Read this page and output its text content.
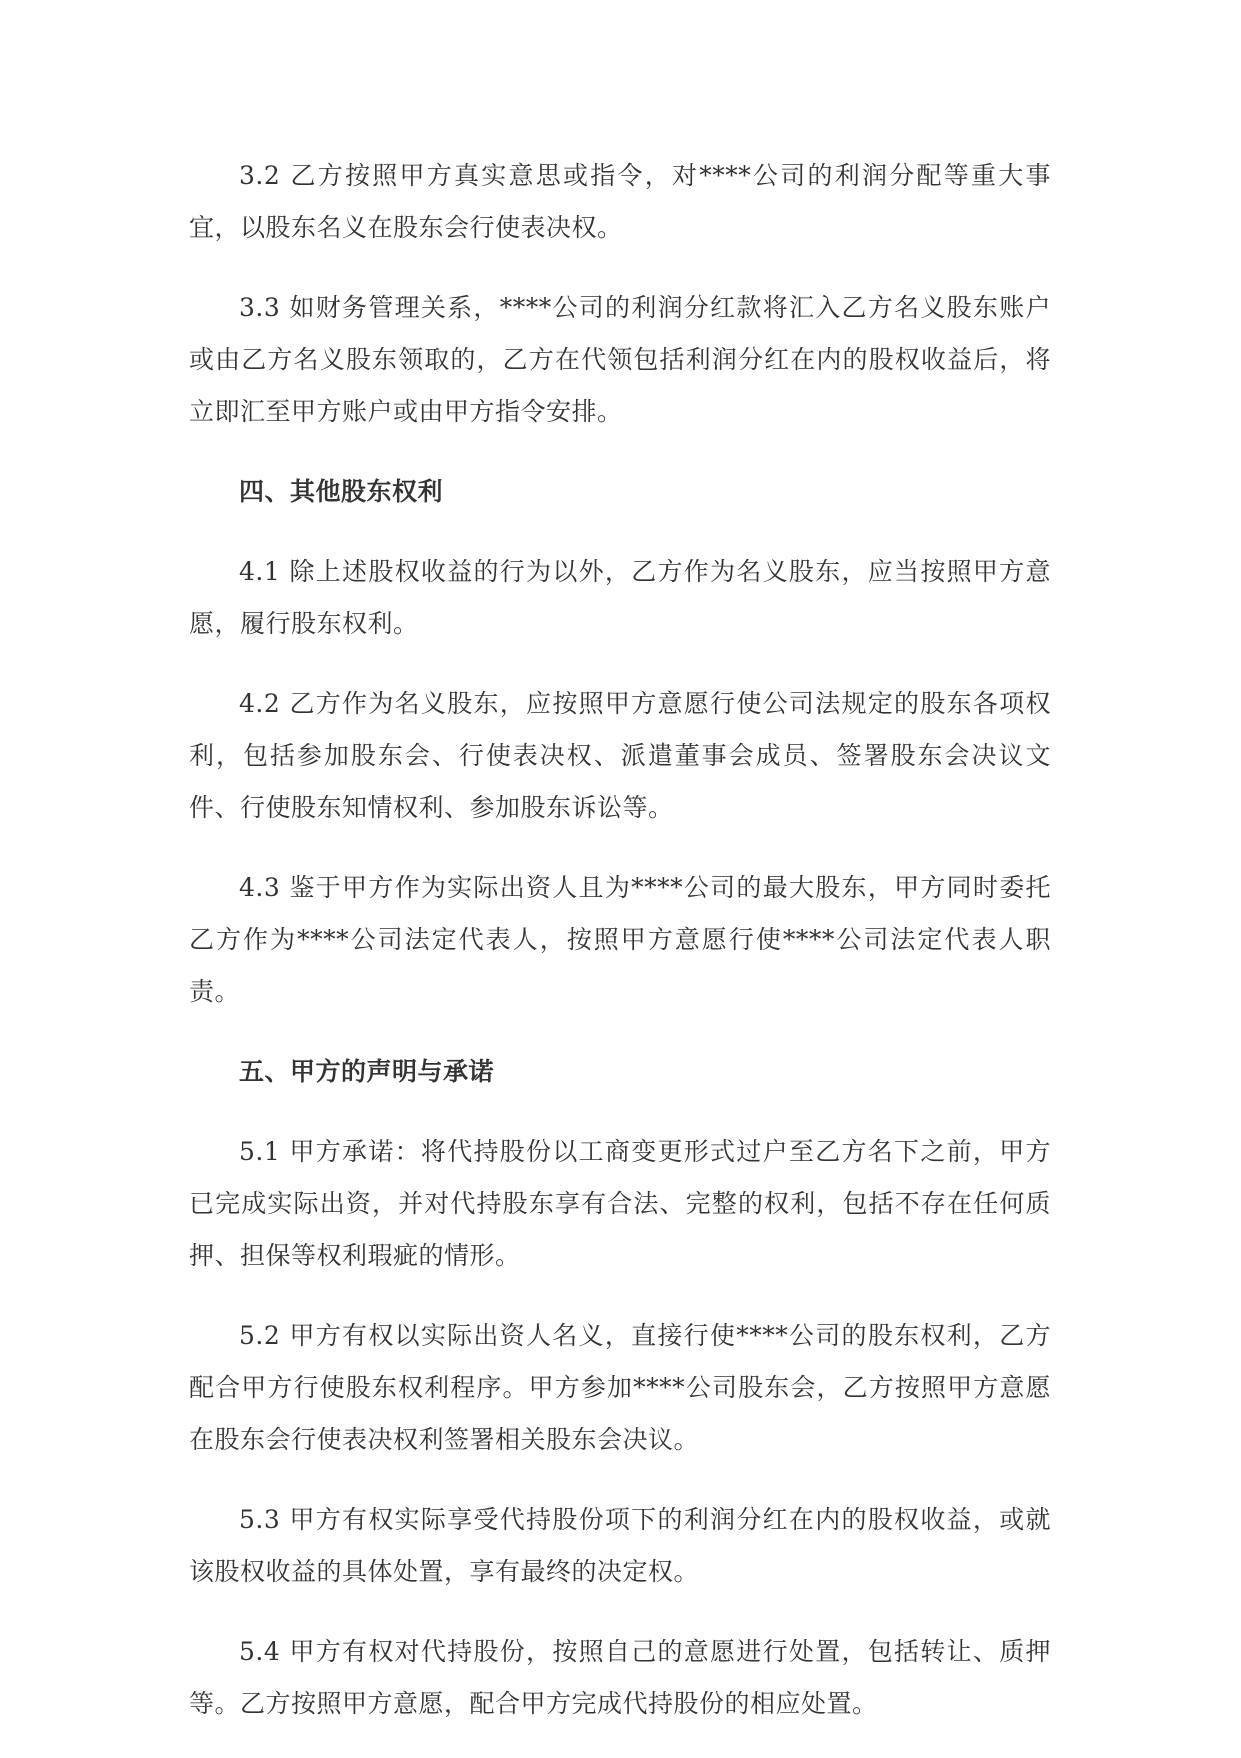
3.2 乙方按照甲方真实意思或指令，对****公司的利润分配等重大事宜，以股东名义在股东会行使表决权。

3.3 如财务管理关系，****公司的利润分红款将汇入乙方名义股东账户或由乙方名义股东领取的，乙方在代领包括利润分红在内的股权收益后，将立即汇至甲方账户或由甲方指令安排。

四、其他股东权利

4.1 除上述股权收益的行为以外，乙方作为名义股东，应当按照甲方意愿，履行股东权利。

4.2 乙方作为名义股东，应按照甲方意愿行使公司法规定的股东各项权利，包括参加股东会、行使表决权、派遣董事会成员、签署股东会决议文件、行使股东知情权利、参加股东诉讼等。

4.3 鉴于甲方作为实际出资人且为****公司的最大股东，甲方同时委托乙方作为****公司法定代表人，按照甲方意愿行使****公司法定代表人职责。

五、甲方的声明与承诺

5.1 甲方承诺：将代持股份以工商变更形式过户至乙方名下之前，甲方已完成实际出资，并对代持股东享有合法、完整的权利，包括不存在任何质押、担保等权利瑕疵的情形。

5.2 甲方有权以实际出资人名义，直接行使****公司的股东权利，乙方配合甲方行使股东权利程序。甲方参加****公司股东会，乙方按照甲方意愿在股东会行使表决权利签署相关股东会决议。

5.3 甲方有权实际享受代持股份项下的利润分红在内的股权收益，或就该股权收益的具体处置，享有最终的决定权。

5.4 甲方有权对代持股份，按照自己的意愿进行处置，包括转让、质押等。乙方按照甲方意愿，配合甲方完成代持股份的相应处置。
